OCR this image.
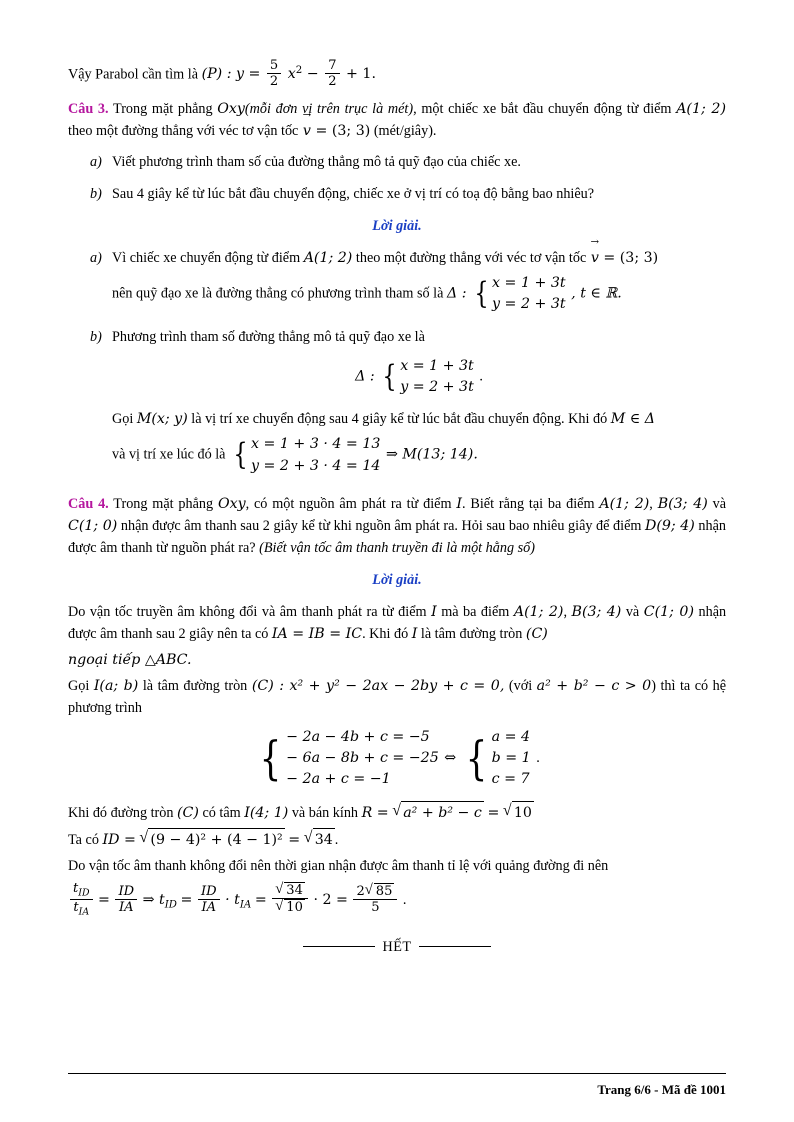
Vậy Parabol cần tìm là (P) : $y = \frac{5}{2} x^2 - \frac{7}{2} + 1$.

Câu 3. Trong mặt phẳng Oxy(mỗi đơn vị trên trục là mét), một chiếc xe bắt đầu chuyển động từ điểm A(1; 2) theo một đường thẳng với véc tơ vận tốc v → = (3; 3) (mét/giây).

a) Viết phương trình tham số của đường thẳng mô tả quỹ đạo của chiếc xe.
b) Sau 4 giây kể từ lúc bắt đầu chuyển động, chiếc xe ở vị trí có toạ độ bằng bao nhiêu?

Lời giải.

a) Vì chiếc xe chuyển động từ điểm A(1; 2) theo một đường thẳng với véc tơ vận tốc v → = (3; 3)
nên quỹ đạo xe là đường thẳng có phương trình tham số là Δ : { x = 1 + 3t
y = 2 + 3t
, t ∈ ℝ.
b) Phương trình tham số đường thẳng mô tả quỹ đạo xe là
Δ : { x = 1 + 3t
y = 2 + 3t
.
Gọi M(x; y) là vị trí xe chuyển động sau 4 giây kể từ lúc bắt đầu chuyển động. Khi đó M ∈ Δ
và vị trí xe lúc đó là { x = 1 + 3 · 4 = 13
y = 2 + 3 · 4 = 14
⇒ M(13; 14).

Câu 4. Trong mặt phẳng Oxy, có một nguồn âm phát ra từ điểm I. Biết rằng tại ba điểm A(1; 2), B(3; 4) và C(1; 0) nhận được âm thanh sau 2 giây kể từ khi nguồn âm phát ra. Hỏi sau bao nhiêu giây để điểm D(9; 4) nhận được âm thanh từ nguồn phát ra? (Biết vận tốc âm thanh truyền đi là một hằng số)

Lời giải.

Do vận tốc truyền âm không đổi và âm thanh phát ra từ điểm I mà ba điểm A(1; 2), B(3; 4) và C(1; 0) nhận được âm thanh sau 2 giây nên ta có IA = IB = IC. Khi đó I là tâm đường tròn (C)

ngoại tiếp △ABC.

Gọi I(a; b) là tâm đường tròn (C) : x² + y² − 2ax − 2by + c = 0, (với a² + b² − c > 0) thì ta có hệ phương trình

{ − 2a − 4b + c = −5
− 6a − 8b + c = −25
− 2a + c = −1
⇔ { a = 4
b = 1
c = 7
.

Khi đó đường tròn (C) có tâm I(4; 1) và bán kính R = √ a² + b² − c = √ 10

Ta có ID = √ (9 − 4)² + (4 − 1)² = √ 34 .

Do vận tốc âm thanh không đổi nên thời gian nhận được âm thanh tỉ lệ với quảng đường đi nên

$\frac{t_{ID}}{t_{IA}} = \frac{ID}{IA}$ ⇒ $t_{ID} = \frac{ID}{IA} \cdot t_{IA}$ = √ 34
√ $10 \cdot 2 = \frac{2 √ 85}{5}$ .

HẾT

Trang 6/6 - Mã đề 1001
